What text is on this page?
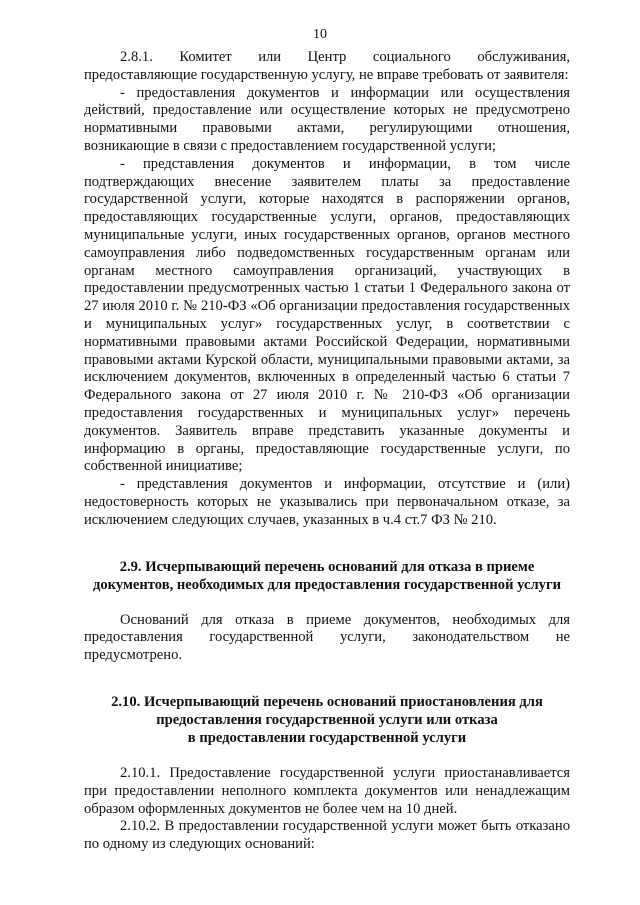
10

2.8.1. Комитет или Центр социального обслуживания, предоставляющие государственную услугу, не вправе требовать от заявителя:

- предоставления документов и информации или осуществления действий, предоставление или осуществление которых не предусмотрено нормативными правовыми актами, регулирующими отношения, возникающие в связи с предоставлением государственной услуги;

- представления документов и информации, в том числе подтверждающих внесение заявителем платы за предоставление государственной услуги, которые находятся в распоряжении органов, предоставляющих государственные услуги, органов, предоставляющих муниципальные услуги, иных государственных органов, органов местного самоуправления либо подведомственных государственным органам или органам местного самоуправления организаций, участвующих в предоставлении предусмотренных частью 1 статьи 1 Федерального закона от 27 июля 2010 г. № 210-ФЗ «Об организации предоставления государственных и муниципальных услуг» государственных услуг, в соответствии с нормативными правовыми актами Российской Федерации, нормативными правовыми актами Курской области, муниципальными правовыми актами, за исключением документов, включенных в определенный частью 6 статьи 7 Федерального закона от 27 июля 2010 г. № 210-ФЗ «Об организации предоставления государственных и муниципальных услуг» перечень документов. Заявитель вправе представить указанные документы и информацию в органы, предоставляющие государственные услуги, по собственной инициативе;

- представления документов и информации, отсутствие и (или) недостоверность которых не указывались при первоначальном отказе, за исключением следующих случаев, указанных в ч.4 ст.7 ФЗ № 210.

2.9. Исчерпывающий перечень оснований для отказа в приеме документов, необходимых для предоставления государственной услуги

Оснований для отказа в приеме документов, необходимых для предоставления государственной услуги, законодательством не предусмотрено.

2.10. Исчерпывающий перечень оснований приостановления для

предоставления государственной услуги или отказа

в предоставлении государственной услуги

2.10.1. Предоставление государственной услуги приостанавливается при предоставлении неполного комплекта документов или ненадлежащим образом оформленных документов не более чем на 10 дней.

2.10.2. В предоставлении государственной услуги может быть отказано по одному из следующих оснований:
